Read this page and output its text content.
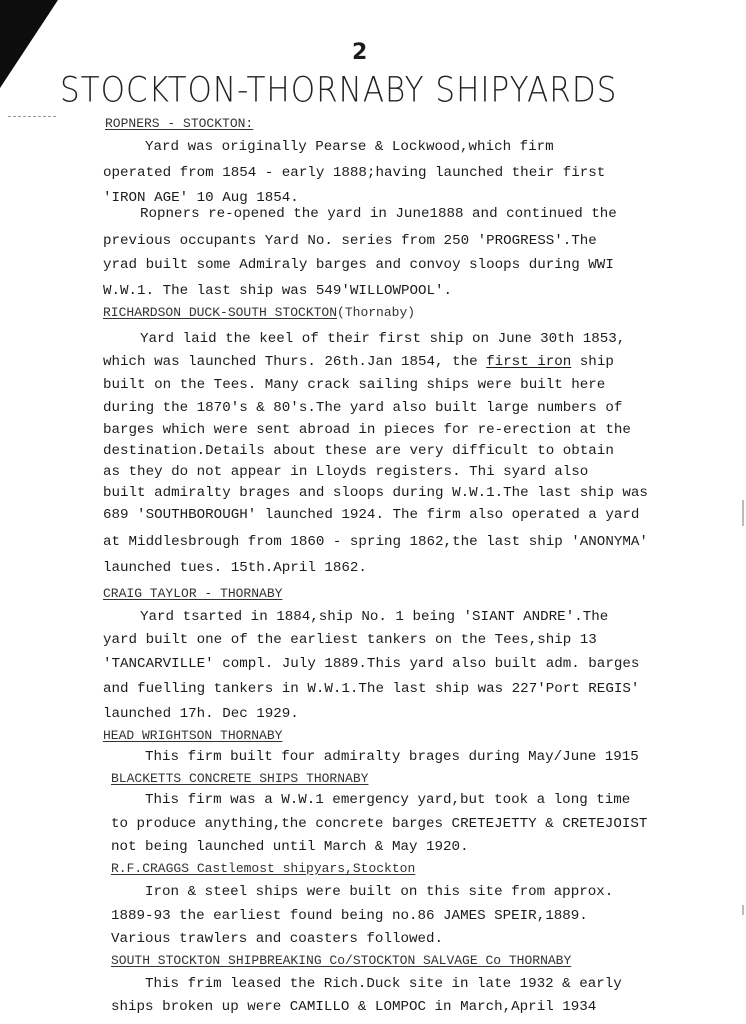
2
STOCKTON-THORNABY SHIPYARDS
ROPNERS - STOCKTON:
Yard was originally Pearse & Lockwood,which firm
operated from 1854 - early 1888;having launched their first
'IRON AGE' 10 Aug 1854.
Ropners re-opened the yard in June1888 and continued the
previous occupants Yard No. series from 250 'PROGRESS'.The
yrad built some Admiraly barges and convoy sloops during WWI
W.W.1. The last ship was 549'WILLOWPOOL'.
RICHARDSON DUCK-SOUTH STOCKTON(Thornaby)
Yard laid the keel of their first ship on June 30th 1853,
which was launched Thurs. 26th.Jan 1854, the first iron ship
built on the Tees. Many crack sailing ships were built here
during the 1870's & 80's.The yard also built large numbers of
barges which were sent abroad in pieces for re-erection at the
destination.Details about these are very difficult to obtain
as they do not appear in Lloyds registers. Thi syard also
built admiralty brages and sloops during W.W.1.The last ship was
689 'SOUTHBOROUGH' launched 1924. The firm also operated a yard
at Middlesbrough from 1860 - spring 1862,the last ship 'ANONYMA'
launched tues. 15th.April 1862.
CRAIG TAYLOR - THORNABY
Yard tsarted in 1884,ship No. 1 being 'SIANT ANDRE'.The
yard built one of the earliest tankers on the Tees,ship 13
'TANCARVILLE' compl. July 1889.This yard also built adm. barges
and fuelling tankers in W.W.1.The last ship was 227'Port REGIS'
launched 17h. Dec 1929.
HEAD WRIGHTSON THORNABY
This firm built four admiralty brages during May/June 1915
BLACKETTS CONCRETE SHIPS THORNABY
This firm was a W.W.1 emergency yard,but took a long time
to produce anything,the concrete barges CRETEJETTY & CRETEJOIST
not being launched until March & May 1920.
R.F.CRAGGS Castlemost shipyars,Stockton
Iron & steel ships were built on this site from approx.
1889-93 the earliest found being no.86 JAMES SPEIR,1889.
Various trawlers and coasters followed.
SOUTH STOCKTON SHIPBREAKING Co/STOCKTON SALVAGE Co THORNABY
This frim leased the Rich.Duck site in late 1932 & early
ships broken up were CAMILLO & LOMPOC in March,April 1934
